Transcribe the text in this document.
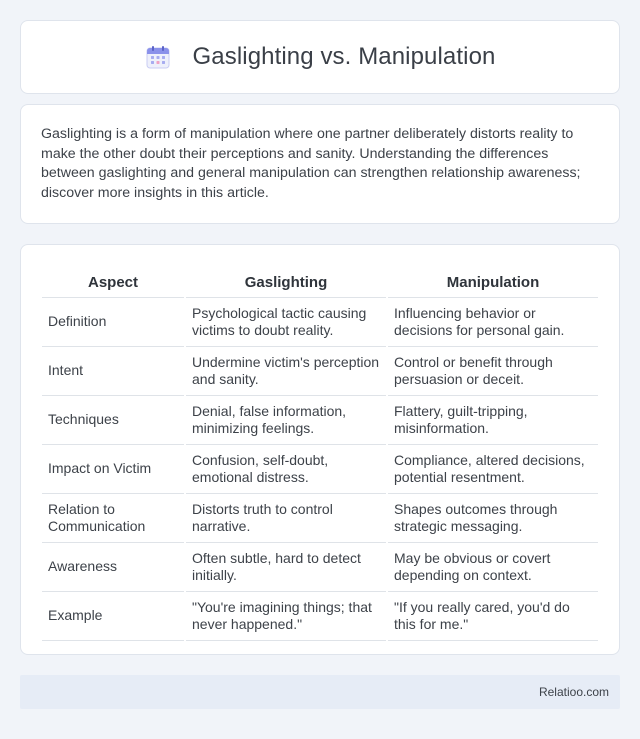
Gaslighting vs. Manipulation

Gaslighting is a form of manipulation where one partner deliberately distorts reality to make the other doubt their perceptions and sanity. Understanding the differences between gaslighting and general manipulation can strengthen relationship awareness; discover more insights in this article.

Aspect	Gaslighting	Manipulation
Definition	Psychological tactic causing victims to doubt reality.	Influencing behavior or decisions for personal gain.
Intent	Undermine victim's perception and sanity.	Control or benefit through persuasion or deceit.
Techniques	Denial, false information, minimizing feelings.	Flattery, guilt-tripping, misinformation.
Impact on Victim	Confusion, self-doubt, emotional distress.	Compliance, altered decisions, potential resentment.
Relation to Communication	Distorts truth to control narrative.	Shapes outcomes through strategic messaging.
Awareness	Often subtle, hard to detect initially.	May be obvious or covert depending on context.
Example	"You're imagining things; that never happened."	"If you really cared, you'd do this for me."
Relatioo.com
